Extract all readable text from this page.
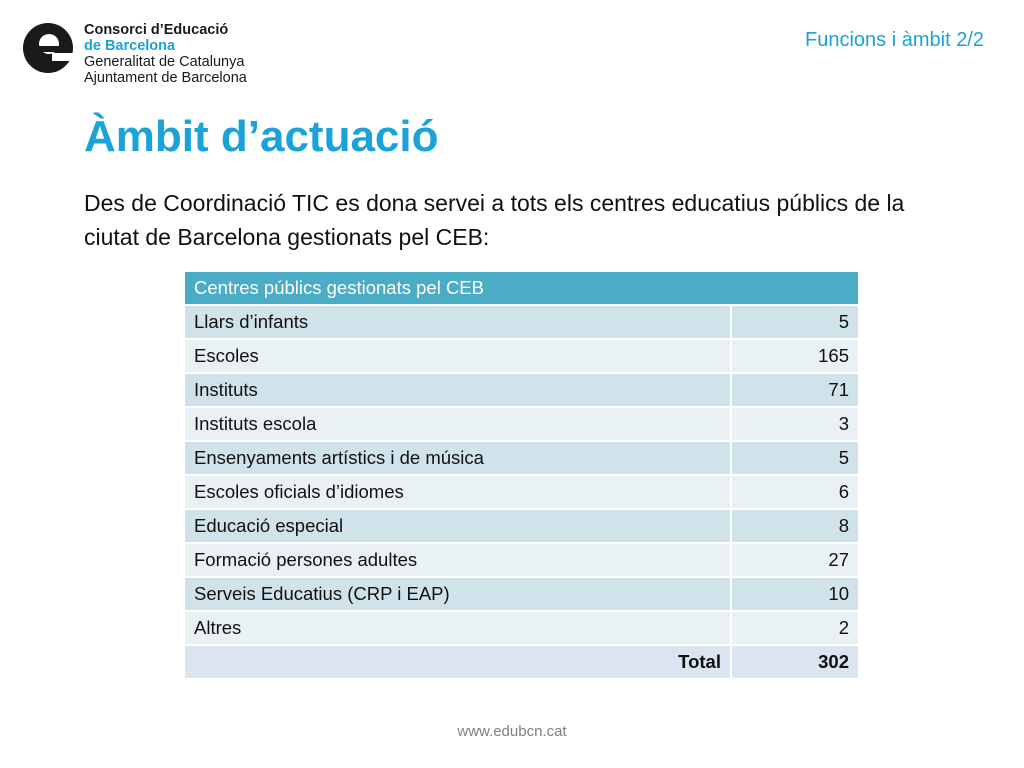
Consorci d’Educació
de Barcelona
Generalitat de Catalunya
Ajuntament de Barcelona
Funcions i àmbit 2/2
Àmbit d’actuació

Des de Coordinació TIC es dona servei a tots els centres educatius públics de la ciutat de Barcelona gestionats pel CEB:

Centres públics gestionats pel CEB	
Llars d’infants	5
Escoles	165
Instituts	71
Instituts escola	3
Ensenyaments artístics i de música	5
Escoles oficials d’idiomes	6
Educació especial	8
Formació persones adultes	27
Serveis Educatius (CRP i EAP)	10
Altres	2
Total	302
www.edubcn.cat
